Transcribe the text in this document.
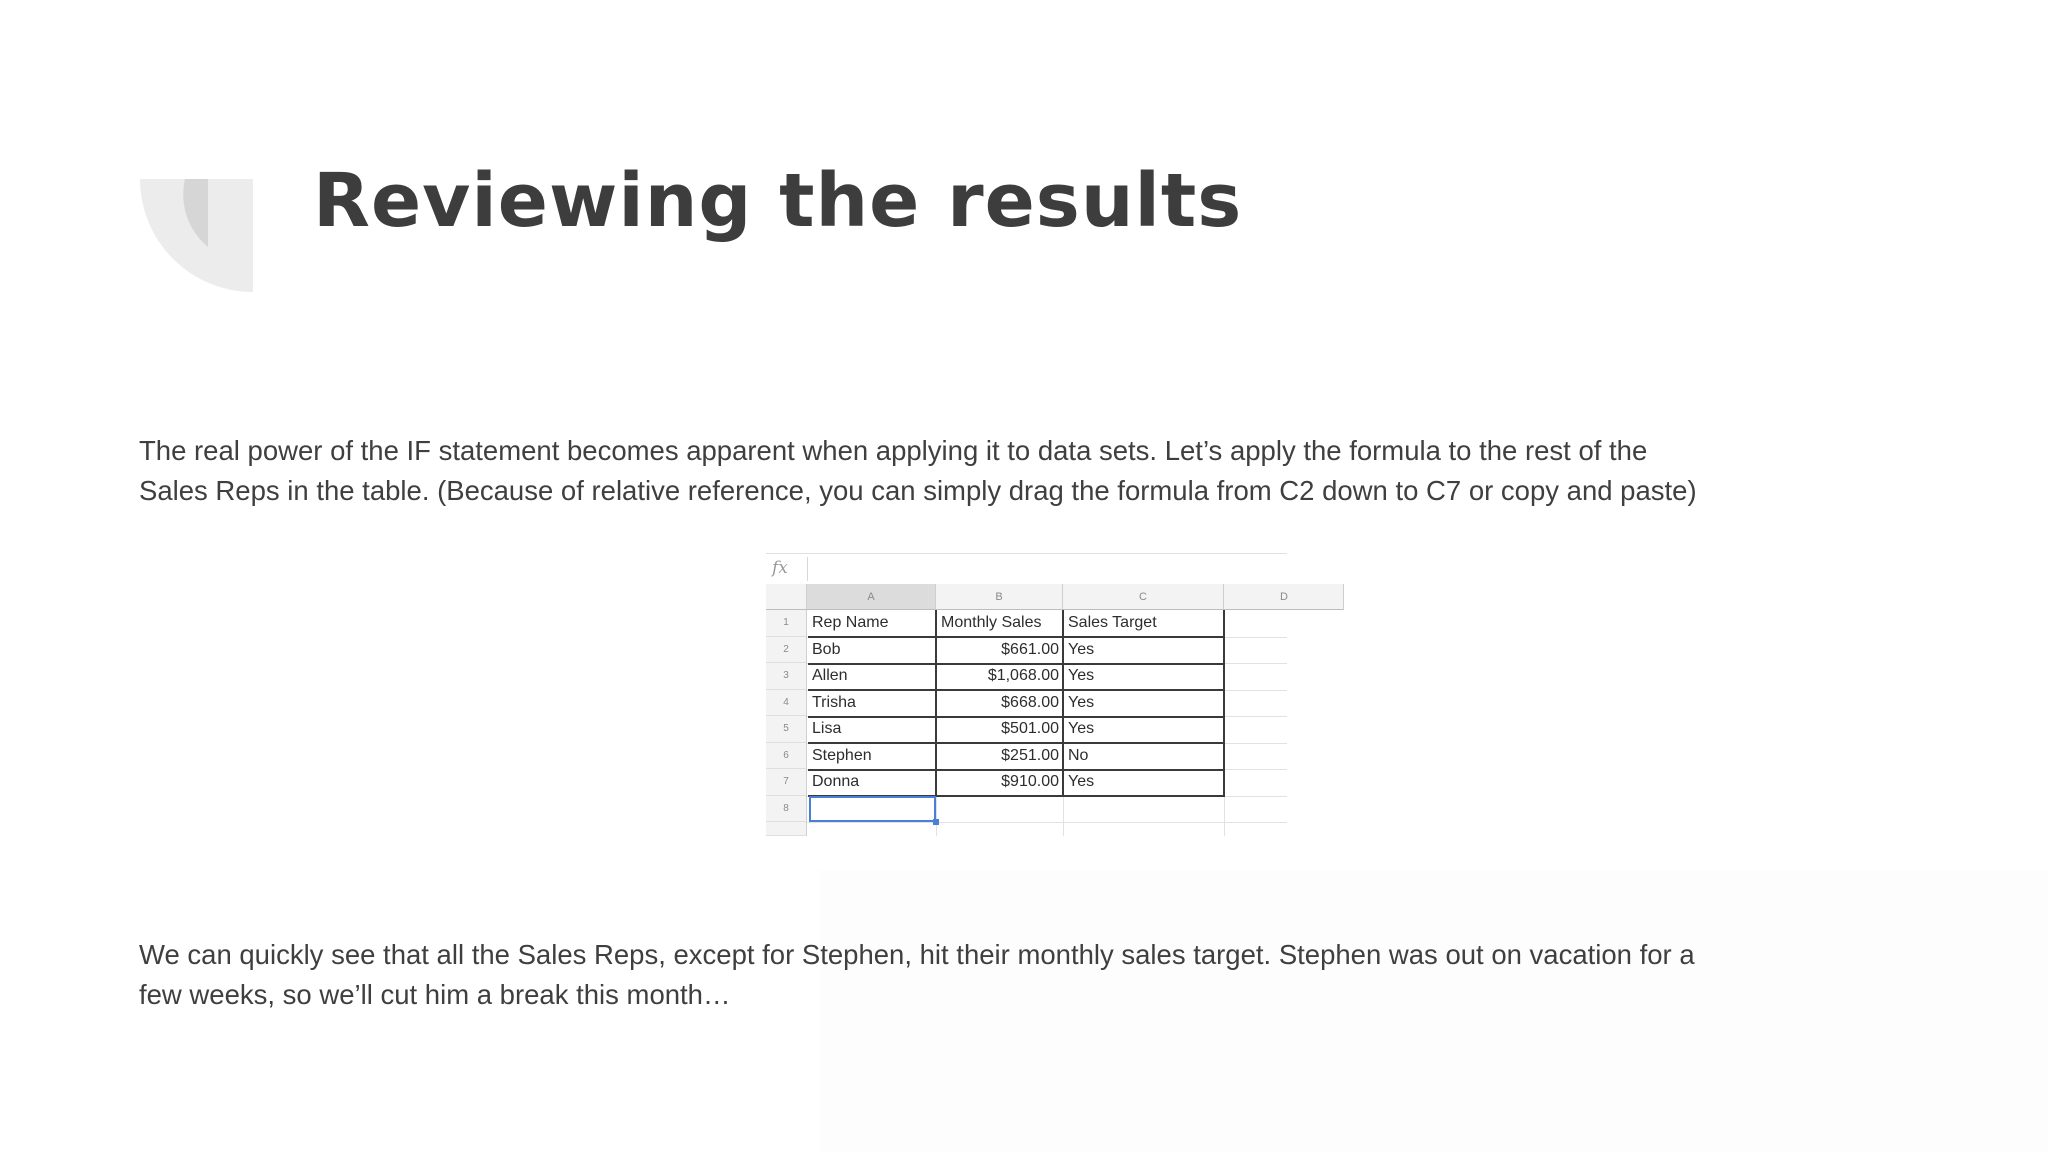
Reviewing the results

The real power of the IF statement becomes apparent when applying it to data sets. Let’s apply the formula to the rest of the Sales Reps in the table. (Because of relative reference, you can simply drag the formula from C2 down to C7 or copy and paste)

fx
A	B	C	D
1
2
3
4
5
6
7
8
Rep Name	Monthly Sales	Sales Target
Bob	$661.00 Yes
Allen	$1,068.00 Yes
Trisha	$668.00 Yes
Lisa	$501.00 Yes
Stephen	$251.00 No
Donna	$910.00 Yes

We can quickly see that all the Sales Reps, except for Stephen, hit their monthly sales target. Stephen was out on vacation for a few weeks, so we’ll cut him a break this month…
